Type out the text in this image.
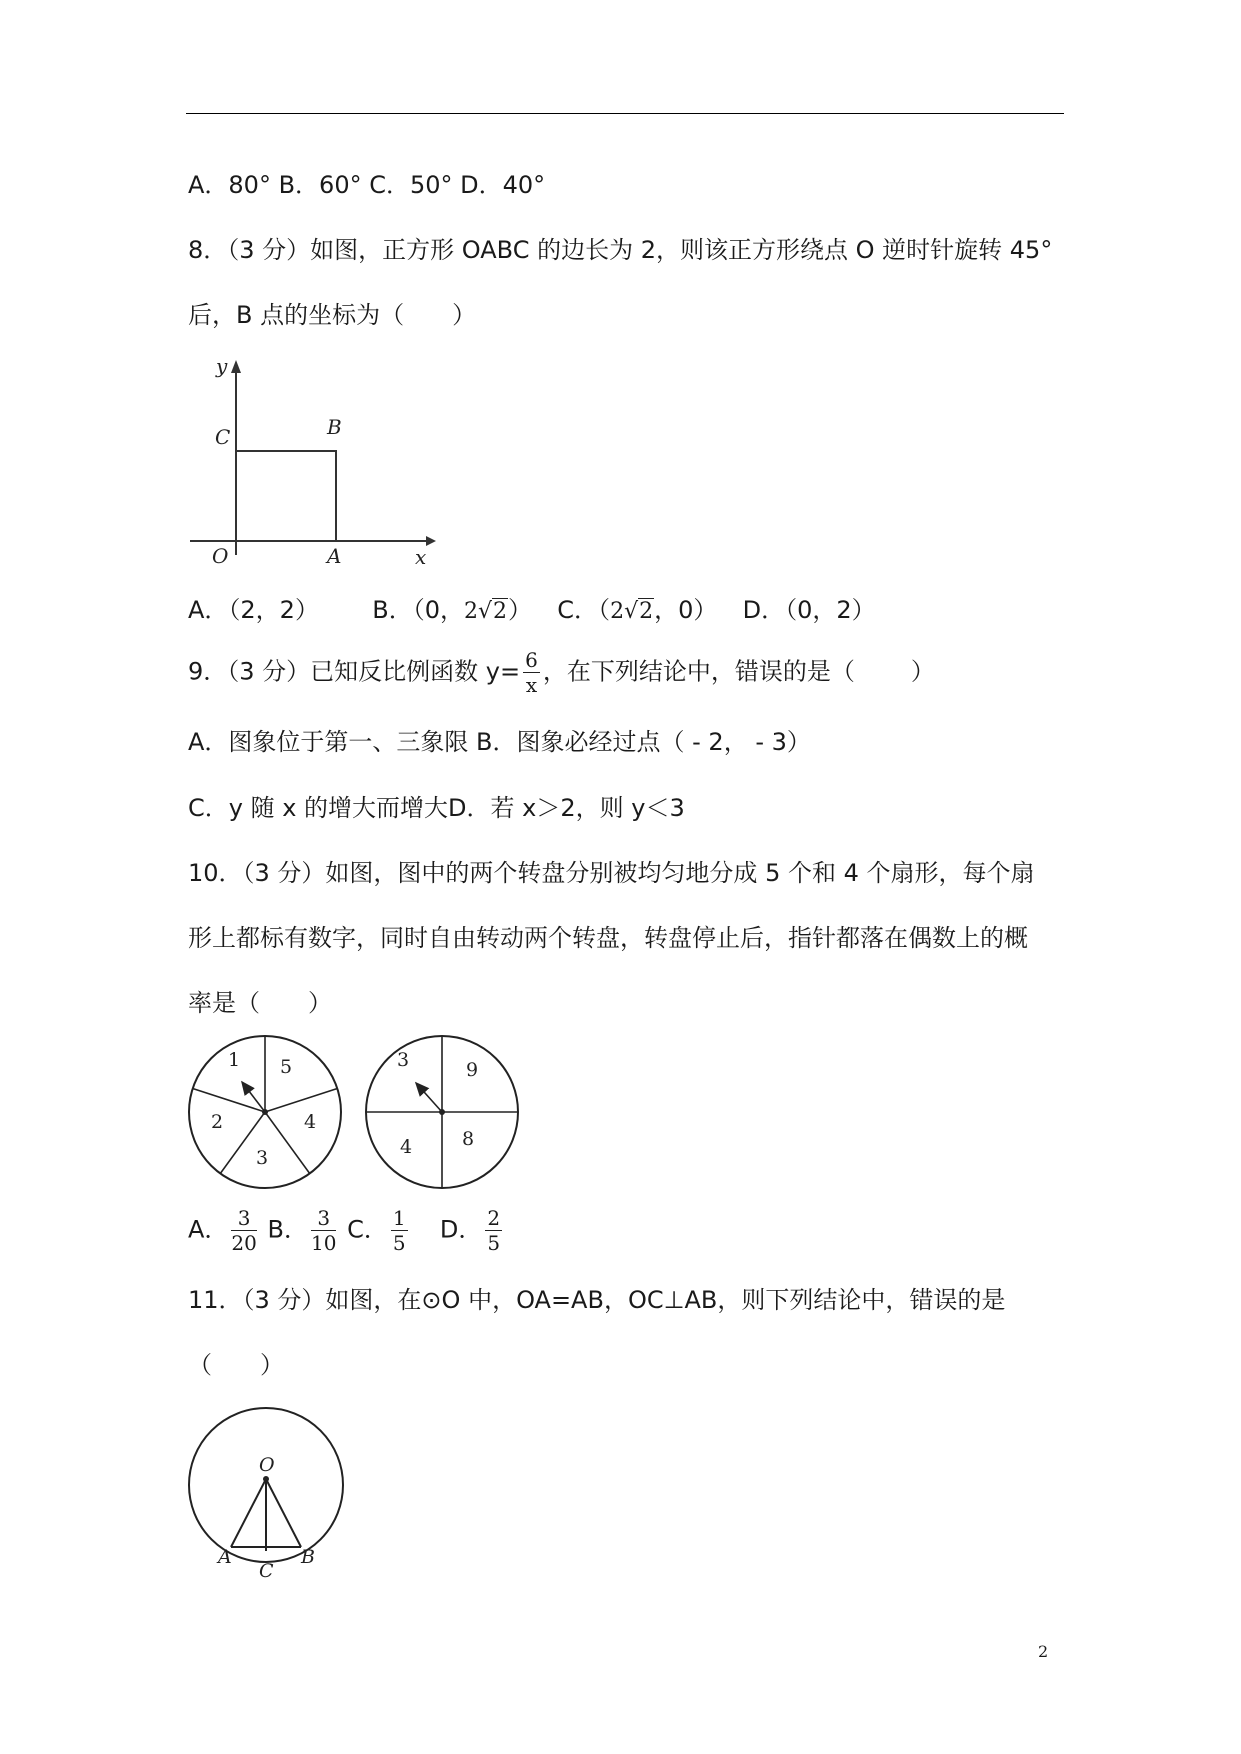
A．80° B．60° C．50° D．40°
8．（3 分）如图，正方形 OABC 的边长为 2，则该正方形绕点 O 逆时针旋转 45°
后，B 点的坐标为（ ）
y
x
C	B
O	A
A．（2，2） B．（0，2√2） C．（2√2，0） D．（0，2）
9．（3 分）已知反比例函数 $y= \frac{6}{x}$ ，在下列结论中，错误的是（ ）
A．图象位于第一、三象限 B．图象必经过点（ - 2， - 3）
C．y 随 x 的增大而增大D．若 x＞2，则 y＜3
10．（3 分）如图，图中的两个转盘分别被均匀地分成 5 个和 4 个扇形，每个扇
形上都标有数字，同时自由转动两个转盘，转盘停止后，指针都落在偶数上的概
率是（ ）
1 5
2	4
3
3	9
4	8
A． $\frac{3}{20}$ B． $\frac{3}{10}$ C． $\frac{1}{5}$ D． $\frac{2}{5}$
11．（3 分）如图，在⊙O 中，OA=AB，OC⊥AB，则下列结论中，错误的是
（ ）
O
A
C
B
2
